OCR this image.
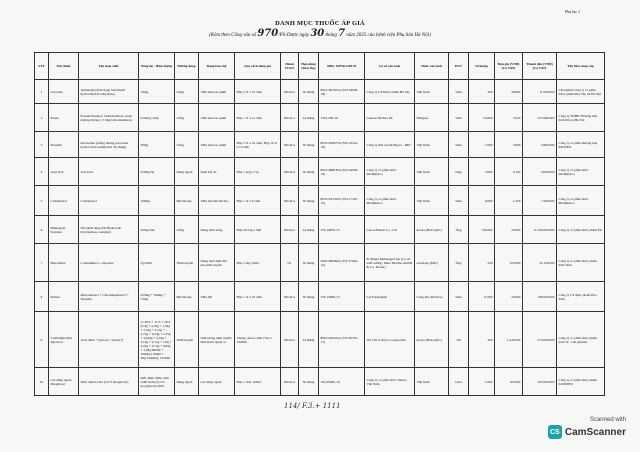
Phụ lục 1
DANH MỤC THUỐC ÁP GIÁ
(Kèm theo Công văn số 970/PS-Dược ngày 30 tháng 7 năm 2025 của bệnh viện Phụ Sản Hà Nội)
STT	Tên thuốc	Tên hoạt chất	Nồng độ - Hàm lượng	Đường dùng	Dạng bào chế	Quy cách đóng gói	Nhóm TCKT	Hạn dùng (Tuổi thọ)	SĐK/ GPNK/GPLH	Cơ sở sản xuất	Nước sản xuất	ĐVT	Số lượng	Đơn giá (VNĐ) (Có VAT)	Thành tiền (VNĐ) (Có VAT)	Tên Nhà cung cấp
1	Levorine	Verbenalil (dưới dạng Verbenalil hydrochloride trihydrate)	10mg	Uống	Viên nén bao phim	Hộp 3 vỉ x 10 viên	Nhóm 2	36 tháng	893110034524 (VD-34958-18)	Công ty CP Dược phẩm Hà Tây	Việt Nam	Viên	300	38.800	11.640.000	Chi nhánh Công ty cổ phần dược phẩm Phú Thọ tại Hà Nội
2	Estera	Estradiolvalerat; Chlormadinon acetat (tương đương 1,71mg Chlormadinon)	0,02mg; 2mg	Uống	Viên nén bao phim	Hộp 1 vỉ x 21 viên	Nhóm 1	24 tháng	VN2-500-16	Gedeon Richter Plc	Hungary	Viên	33.600	7.619	255.998.400	Công ty TNHH Thương mại Kim Đô tại Hà Nội
3	Prenatin	Paroxetine (tương đương paroxetin hydroclorid semihydrat 34,16mg)	30mg	Uống	Viên nén bao phim	Hộp 3 vỉ x 10 viên; Hộp 10 vỉ x 10 viên	Nhóm 4	36 tháng	893110499754 (VD-32341-19)	Công ty liên doanh Meyer - BPC	Việt Nam	Viên	1.000	5.800	5.800.000	Công ty cổ phần thương mại PANSEO
4	Azyvirvir	Aciclovir	250mg/5g	Dùng ngoài	Kem bôi da	Hộp 1 tuýp x 5g	Nhóm 4	36 tháng	893110881824 (VD-24956-16)	Công ty cổ phần dược Medipharco	Việt Nam	Tuýp	3.000	4.100	4.000.000	Công ty cổ phần dược Medipharco
5	Clotrimazol	Clotrimazol	100mg	Đặt âm đạo	Viên nén đặt âm đạo	Hộp 1 vỉ x 6 viên	Nhóm 4	36 tháng	893110315925 (VD-17187-12)	Công ty cổ phần dược Medipharco	Việt Nam	Viên	6.000	1.250	7.500.000	Công ty cổ phần dược Medipharco
6	Humegedy Solution	Sắt (dưới dạng Sắt Hydroxide Polymaltose complex)	50mg/5ml	Uống	Dung dịch uống	Hộp 20 ống x 5ml	Nhóm 2	24 tháng	VN-16876-13	Cen-A Pharm Co., Ltd	Korea (Hàn Quốc)	Ống	720.000	16.000	11.520.000.000	Công ty cổ phần dược phẩm EU
7	Hepa Merz	L-Ornithine L- aspartate	5g/10ml	Tiêm truyền	Dung dịch đậm đặc pha tiêm truyền	Hộp 5 ống 10ml	N1	36 tháng	400110009922 (VN-17644-12)	B. Braun Melsungen AG (Cơ sở xuất xưởng: Merz Pharma GmbH & Co. KGaA)	Germany (Đức)	Ống	250	125.000	31.250.000	Công ty cổ phần dược phẩm Kim Tinh
8	Sulteta	Metronidazol + Chloramphenicol + Nystatin	225mg + 100mg + 75mg	Đặt âm đạo	Viên đặt	Hộp 1 vỉ x 10 viên	Nhóm 4	36 tháng	VN-16606-13	Ltd Farmaprim	Cộng hòa Moldova	Viên	11.000	18.000	198.000.000	Công ty CP dược phẩm Hoa Thái
9	Combilipid Peri Injection	Acid amin + glucose + lipid (*)	11,30% + 11% + 20% (3,4g + 4,18g + 1,34g + 2,24g + 3,14g + 2,72g + 2,24g + 1,35g + 3,616g + 2,24g + 3,14g + 2,72g + 1,8g + 2,24g + 0,74g + 0,09g + 1,28g/600ml + 100,8g/1100ml + 48g/1440ml); 1920ml	Tiêm truyền	Nhũ tương tiêm truyền tĩnh mạch ngoại vi	Thùng carton chứa 2 túi x 1920ml	Nhóm 2	24 tháng	880110443322 (VN-20335-17)	JW Life Science Corporation	Korea (Hàn Quốc)	Túi	300	1.240.000	372.000.000	Công ty cổ phần dược phẩm quốc tế - UK pharma
10	Gel dùng ngoài Mosgliceri	Dịch chiết lá mỏ (5,5% mosgliceri)	Mỗi 40ml chứa: dịch chiết lá mỏ (5,5% mosgliceri) 22ml	Dùng ngoài	Gel dùng ngoài	Hộp 1 chai 125ml	Nhóm 4	36 tháng	VD-29465-18	Công ty cổ phần dược Nature Việt Nam	Việt Nam	Chai	1.000	105.000	105.000.000	Công ty cổ phần dược phẩm KOSMED
114/ F.3.+ 1111
Scanned with
CS CamScanner
